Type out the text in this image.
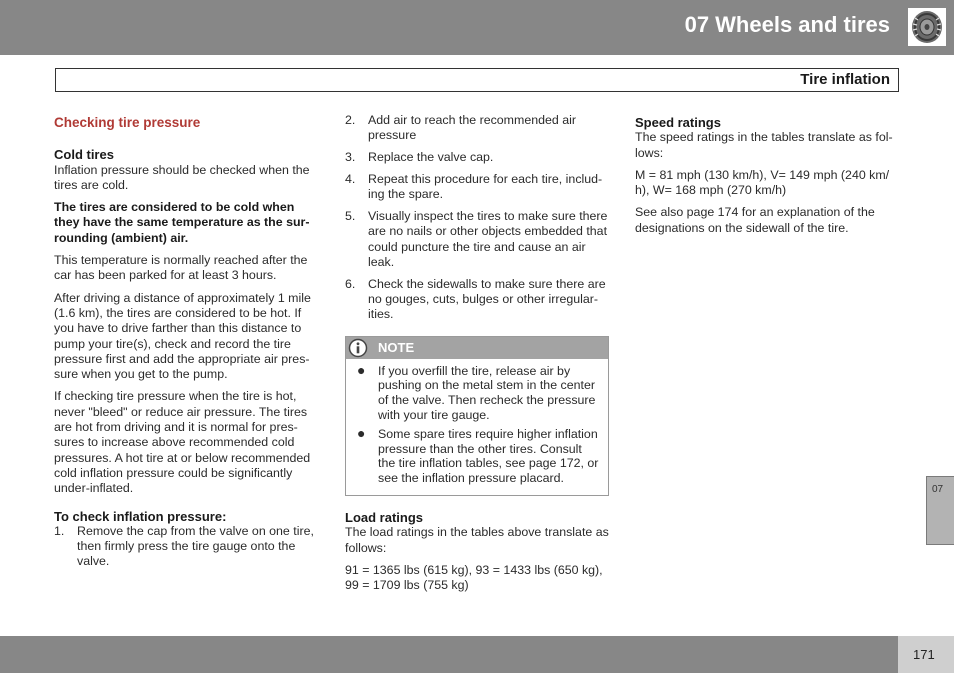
07 Wheels and tires
Tire inflation
Checking tire pressure
Cold tires

Inflation pressure should be checked when the tires are cold.

The tires are considered to be cold when they have the same temperature as the sur-rounding (ambient) air.

This temperature is normally reached after the car has been parked for at least 3 hours.

After driving a distance of approximately 1 mile (1.6 km), the tires are considered to be hot. If you have to drive farther than this distance to pump your tire(s), check and record the tire pressure first and add the appropriate air pres-sure when you get to the pump.

If checking tire pressure when the tire is hot, never "bleed" or reduce air pressure. The tires are hot from driving and it is normal for pres-sures to increase above recommended cold pressures. A hot tire at or below recommended cold inflation pressure could be significantly under-inflated.

To check inflation pressure:
1. Remove the cap from the valve on one tire, then firmly press the tire gauge onto the valve.
2. Add air to reach the recommended air pressure
3. Replace the valve cap.
4. Repeat this procedure for each tire, includ-ing the spare.
5. Visually inspect the tires to make sure there are no nails or other objects embedded that could puncture the tire and cause an air leak.
6. Check the sidewalls to make sure there are no gouges, cuts, bulges or other irregular-ities.
NOTE
● If you overfill the tire, release air by pushing on the metal stem in the center of the valve. Then recheck the pressure with your tire gauge.
● Some spare tires require higher inflation pressure than the other tires. Consult the tire inflation tables, see page 172, or see the inflation pressure placard.
Load ratings

The load ratings in the tables above translate as follows:

91 = 1365 lbs (615 kg), 93 = 1433 lbs (650 kg), 99 = 1709 lbs (755 kg)

Speed ratings

The speed ratings in the tables translate as fol-lows:

M = 81 mph (130 km/h), V= 149 mph (240 km/ h), W= 168 mph (270 km/h)

See also page 174 for an explanation of the designations on the sidewall of the tire.

07
171
